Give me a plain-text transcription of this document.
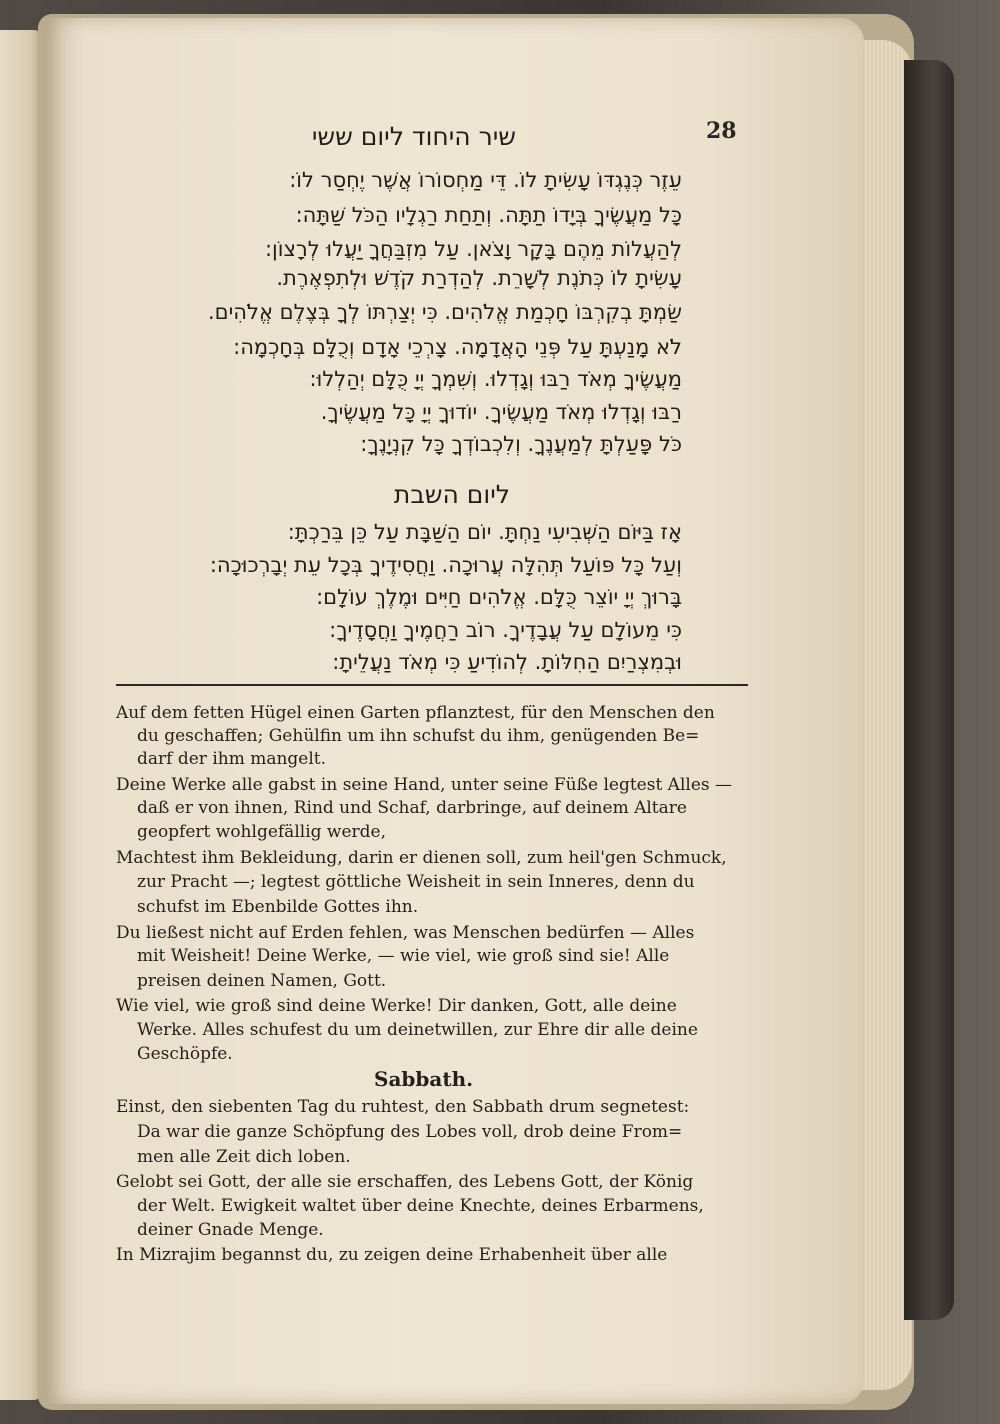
28
שיר היחוד ליום ששי
עֵזֶר כְּנֶגְדּוֹ עָשִׂיתָ לוֹ. דֵּי מַחְסוֹרוֹ אֲשֶׁר יֶחְסַר לוֹ:
כָּל מַעֲשֶׂיךָ בְּיָדוֹ תַתָּה. וְתַחַת רַגְלָיו הַכֹּל שַׁתָּה:
לְהַעֲלוֹת מֵהֶם בָּקָר וָצֹאן. עַל מִזְבַּחֲךָ יַעֲלוּ לְרָצוֹן:
עָשִׂיתָ לוֹ כְּתֹנֶת לְשָׁרֵת. לְהַדְרַת קֹדֶשׁ וּלְתִפְאֶרֶת.
שַׂמְתָּ בְקִרְבּוֹ חָכְמַת אֱלֹהִים. כִּי יְצַרְתּוֹ לְךָ בְּצֶלֶם אֱלֹהִים.
לֹא מָנַעְתָּ עַל פְּנֵי הָאֲדָמָה. צָרְכֵי אָדָם וְכֻלָּם בְּחָכְמָה:
מַעֲשֶׂיךָ מְאֹד רַבּוּ וְגָדְלוּ. וְשִׁמְךָ יְיָ כֻּלָּם יְהַלְלוּ:
רַבּוּ וְגָדְלוּ מְאֹד מַעֲשֶׂיךָ. יוֹדוּךָ יְיָ כָּל מַעֲשֶׂיךָ.
כֹּל פָּעַלְתָּ לְמַעֲנֶךָ. וְלִכְבוֹדְךָ כָּל קִנְיָנֶךָ:
ליום השבת
אָז בַּיּוֹם הַשְּׁבִיעִי נַחְתָּ. יוֹם הַשַּׁבָּת עַל כֵּן בֵּרַכְתָּ:
וְעַל כָּל פּוֹעַל תְּהִלָּה עֲרוּכָה. וַחֲסִידֶיךָ בְּכָל עֵת יְבָרְכוּכָה:
בָּרוּךְ יְיָ יוֹצֵר כֻּלָּם. אֱלֹהִים חַיִּים וּמֶלֶךְ עוֹלָם:
כִּי מֵעוֹלָם עַל עֲבָדֶיךָ. רוֹב רַחֲמֶיךָ וַחֲסָדֶיךָ:
וּבְמִצְרַיִם הַחִלּוֹתָ. לְהוֹדִיעַ כִּי מְאֹד נַעֲלֵיתָ:
Auf dem fetten Hügel einen Garten pflanztest, für den Menschen den
du geschaffen; Gehülfin um ihn schufst du ihm, genügenden Be=
darf der ihm mangelt.
Deine Werke alle gabst in seine Hand, unter seine Füße legtest Alles —
daß er von ihnen, Rind und Schaf, darbringe, auf deinem Altare
geopfert wohlgefällig werde,
Machtest ihm Bekleidung, darin er dienen soll, zum heil'gen Schmuck,
zur Pracht —; legtest göttliche Weisheit in sein Inneres, denn du
schufst im Ebenbilde Gottes ihn.
Du ließest nicht auf Erden fehlen, was Menschen bedürfen — Alles
mit Weisheit! Deine Werke, — wie viel, wie groß sind sie! Alle
preisen deinen Namen, Gott.
Wie viel, wie groß sind deine Werke! Dir danken, Gott, alle deine
Werke. Alles schufest du um deinetwillen, zur Ehre dir alle deine
Geschöpfe.
Sabbath.
Einst, den siebenten Tag du ruhtest, den Sabbath drum segnetest:
Da war die ganze Schöpfung des Lobes voll, drob deine From=
men alle Zeit dich loben.
Gelobt sei Gott, der alle sie erschaffen, des Lebens Gott, der König
der Welt. Ewigkeit waltet über deine Knechte, deines Erbarmens,
deiner Gnade Menge.
In Mizrajim begannst du, zu zeigen deine Erhabenheit über alle
